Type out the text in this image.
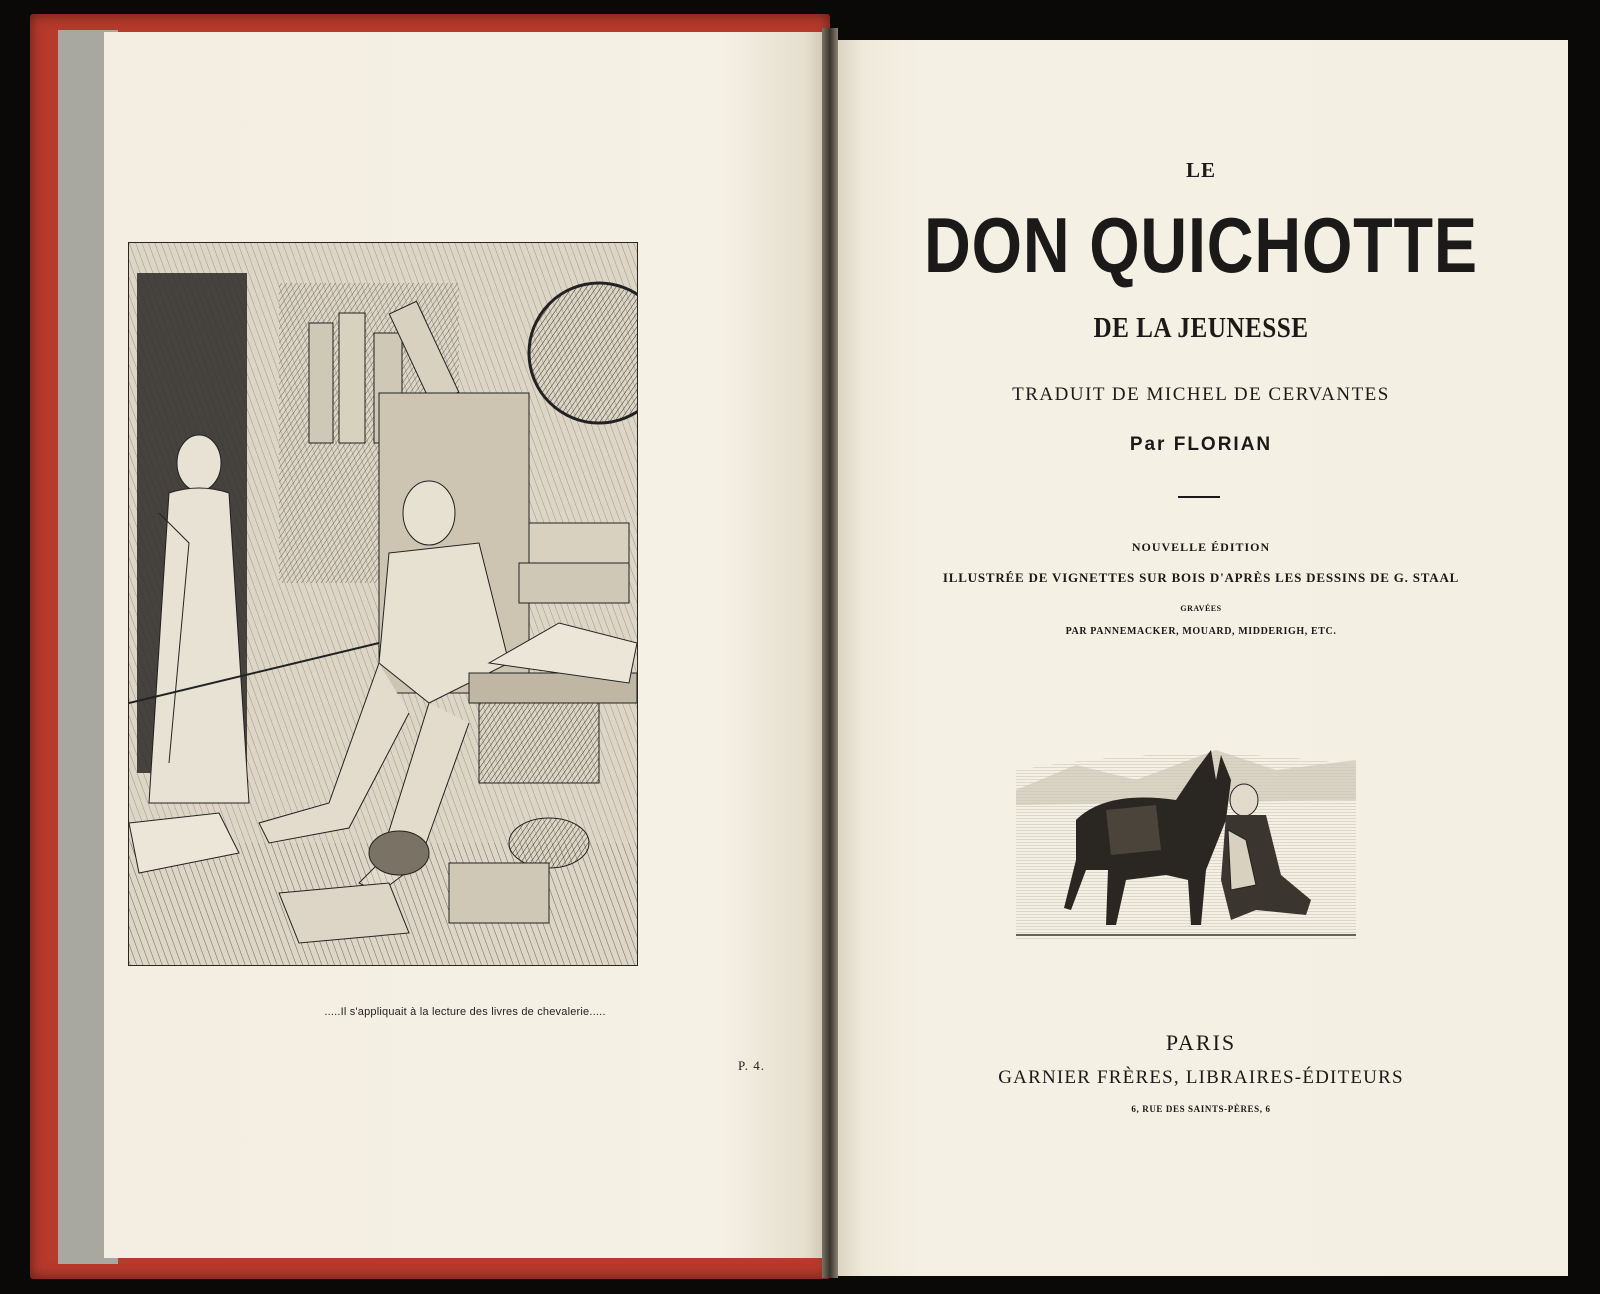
.....Il s'appliquait à la lecture des livres de chevalerie.....
P. 4.
LE
DON QUICHOTTE
DE LA JEUNESSE
TRADUIT DE MICHEL DE CERVANTES
Par FLORIAN
NOUVELLE ÉDITION
ILLUSTRÉE DE VIGNETTES SUR BOIS D'APRÈS LES DESSINS DE G. STAAL
GRAVÉES
PAR PANNEMACKER, MOUARD, MIDDERIGH, ETC.
PARIS
GARNIER FRÈRES, LIBRAIRES-ÉDITEURS
6, RUE DES SAINTS-PÈRES, 6
